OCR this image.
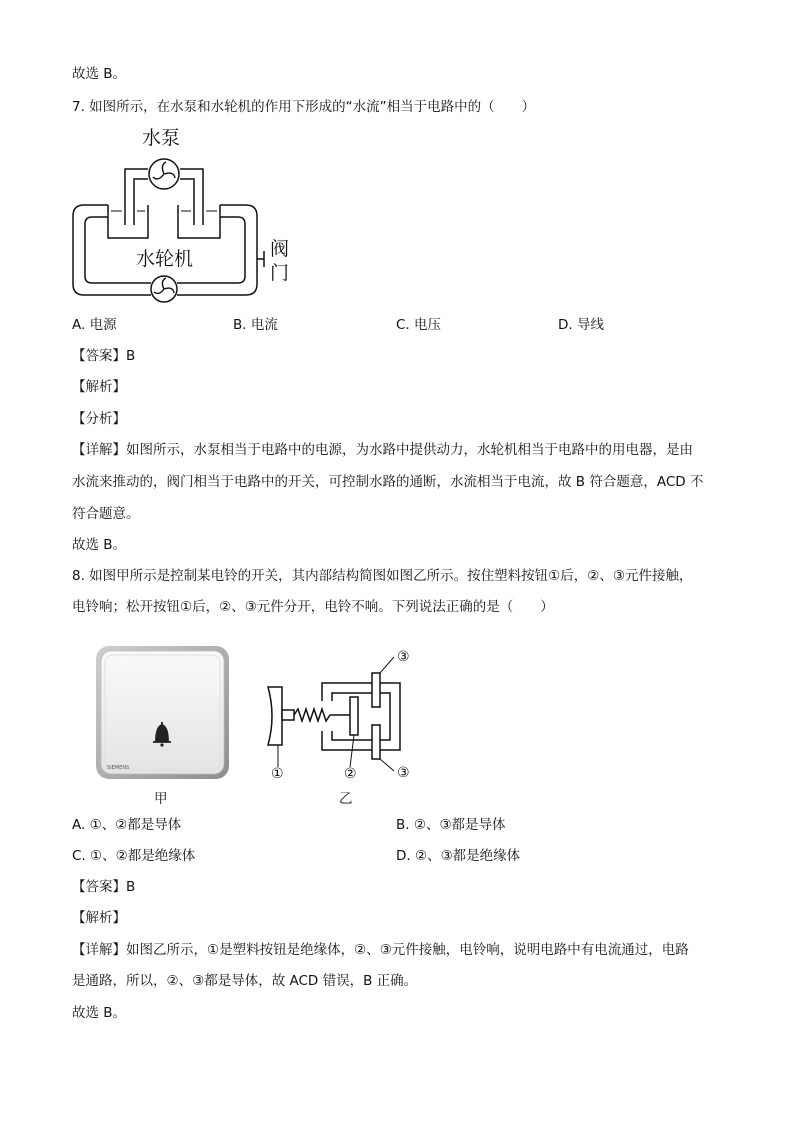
故选 B。
7. 如图所示，在水泵和水轮机的作用下形成的“水流”相当于电路中的（　　）
水泵
水轮机	阀
门
A. 电源	B. 电流	C. 电压	D. 导线
【答案】B
【解析】
【分析】
【详解】如图所示，水泵相当于电路中的电源，为水路中提供动力，水轮机相当于电路中的用电器，是由
水流来推动的，阀门相当于电路中的开关，可控制水路的通断，水流相当于电流，故 B 符合题意，ACD 不
符合题意。
故选 B。
8. 如图甲所示是控制某电铃的开关，其内部结构简图如图乙所示。按住塑料按钮①后，②、③元件接触，
电铃响；松开按钮①后，②、③元件分开，电铃不响。下列说法正确的是（　　）
SIEMENS	①	②
③
③
甲	乙
A. ①、②都是导体	B. ②、③都是导体
C. ①、②都是绝缘体	D. ②、③都是绝缘体
【答案】B
【解析】
【详解】如图乙所示，①是塑料按钮是绝缘体，②、③元件接触，电铃响，说明电路中有电流通过，电路
是通路，所以，②、③都是导体，故 ACD 错误，B 正确。
故选 B。
